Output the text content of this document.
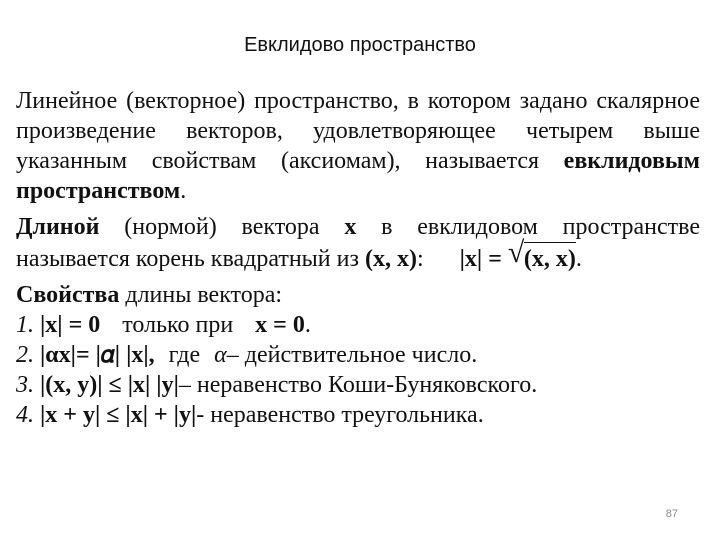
Евклидово пространство

Линейное (векторное) пространство, в котором задано скалярное произведение векторов, удовлетворяющее четырем выше указанным свойствам (аксиомам), называется евклидовым пространством.

Длиной (нормой) вектора x в евклидовом пространстве называется корень квадратный из (x, x): |x| = √ (x, x).

Свойства длины вектора:

1. |x| = 0 только при x = 0 .
2. |αx|= |𝛼| |x|, где α – действительное число.
3. |(x, y)| ≤ |x| |y| – неравенство Коши-Буняковского.
4. |x + y| ≤ |x| + |y| - неравенство треугольника.
87
